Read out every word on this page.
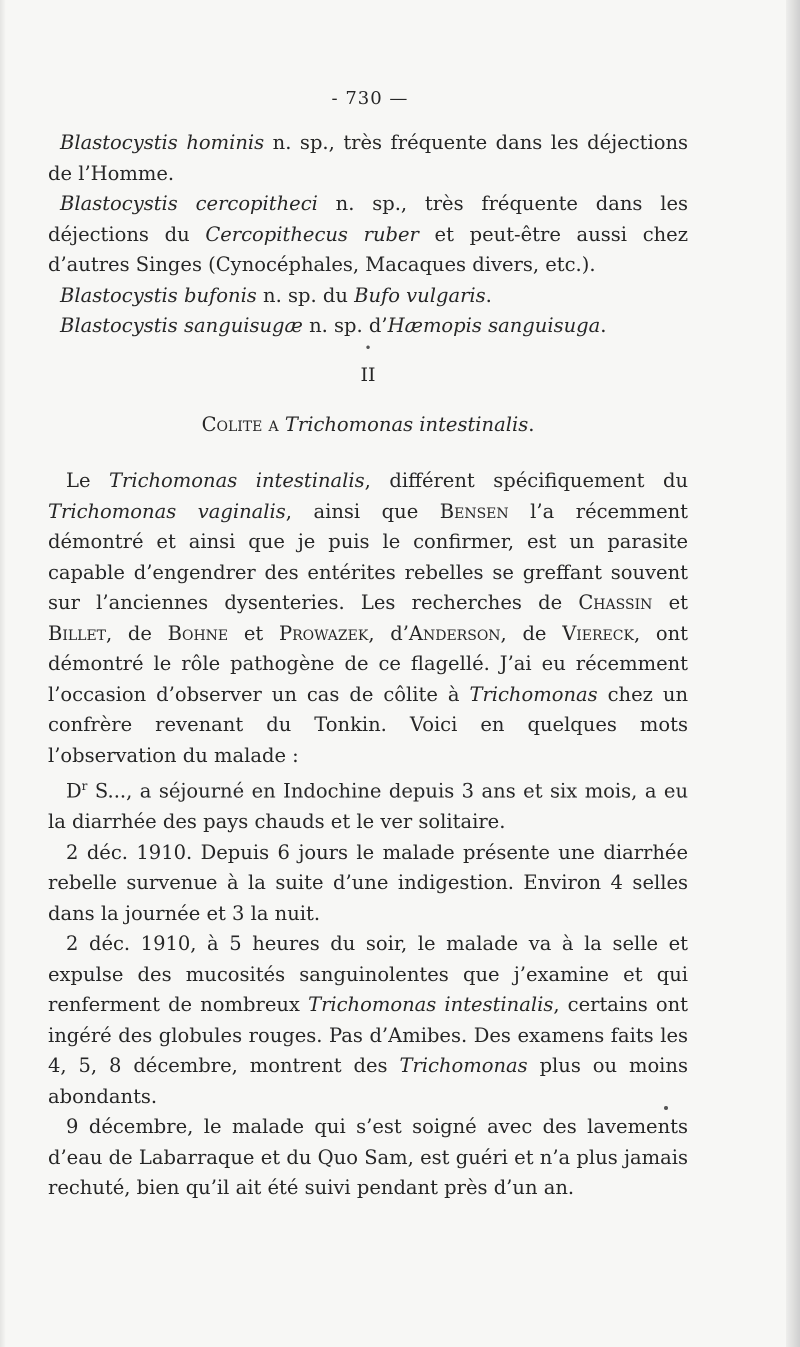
- 730 —

Blastocystis hominis n. sp., très fréquente dans les déjections de l’Homme.

Blastocystis cercopitheci n. sp., très fréquente dans les déjections du Cercopithecus ruber et peut-être aussi chez d’autres Singes (Cynocéphales, Macaques divers, etc.).

Blastocystis bufonis n. sp. du Bufo vulgaris.

Blastocystis sanguisugæ n. sp. d’Hæmopis sanguisuga.

•
II
Colite a Trichomonas intestinalis.

Le Trichomonas intestinalis, différent spécifiquement du Trichomonas vaginalis, ainsi que Bensen l’a récemment démontré et ainsi que je puis le confirmer, est un parasite capable d’engendrer des entérites rebelles se greffant souvent sur l’anciennes dysenteries. Les recherches de Chassin et Billet, de Bohne et Prowazek, d’Anderson, de Viereck, ont démontré le rôle pathogène de ce flagellé. J’ai eu récemment l’occasion d’observer un cas de côlite à Trichomonas chez un confrère revenant du Tonkin. Voici en quelques mots l’observation du malade :

$D^r$ S..., a séjourné en Indochine depuis 3 ans et six mois, a eu la diarrhée des pays chauds et le ver solitaire.

2 déc. 1910. Depuis 6 jours le malade présente une diarrhée rebelle survenue à la suite d’une indigestion. Environ 4 selles dans la journée et 3 la nuit.

2 déc. 1910, à 5 heures du soir, le malade va à la selle et expulse des mucosités sanguinolentes que j’examine et qui renferment de nombreux Trichomonas intestinalis, certains ont ingéré des globules rouges. Pas d’Amibes. Des examens faits les 4, 5, 8 décembre, montrent des Trichomonas plus ou moins abondants.

9 décembre, le malade qui s’est soigné avec des lavements d’eau de Labarraque et du Quo Sam, est guéri et n’a plus jamais rechuté, bien qu’il ait été suivi pendant près d’un an.
